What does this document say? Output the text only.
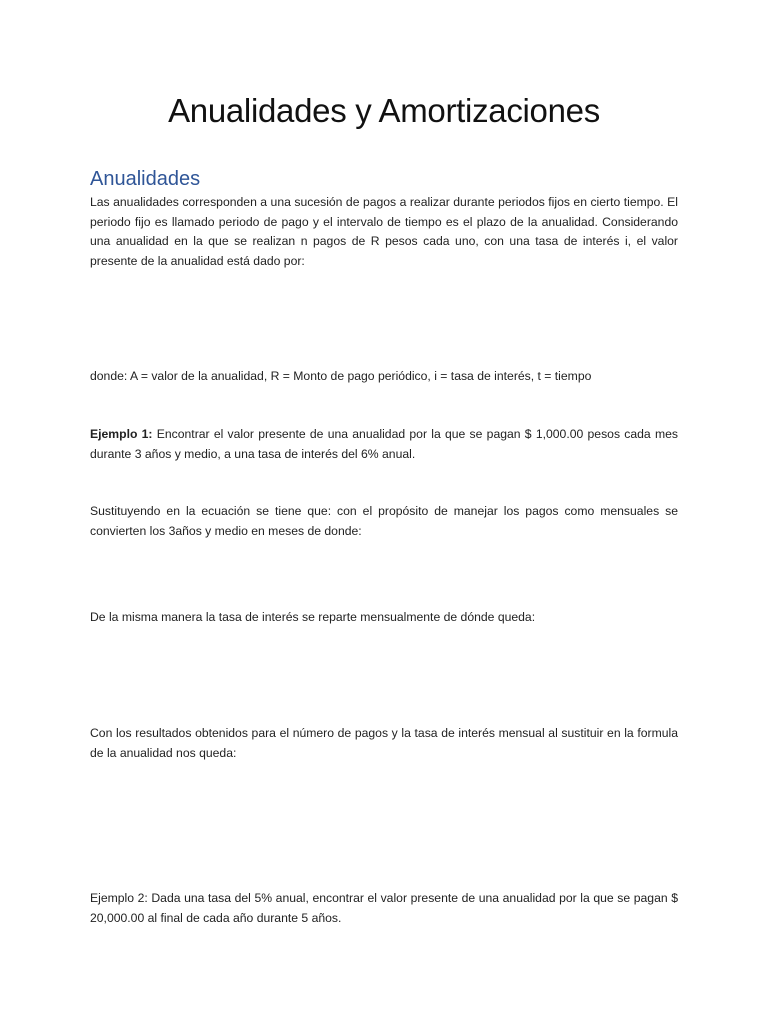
Anualidades y Amortizaciones
Anualidades

Las anualidades corresponden a una sucesión de pagos a realizar durante periodos fijos en cierto tiempo. El periodo fijo es llamado periodo de pago y el intervalo de tiempo es el plazo de la anualidad. Considerando una anualidad en la que se realizan n pagos de R pesos cada uno, con una tasa de interés i, el valor presente de la anualidad está dado por:

donde: A = valor de la anualidad, R = Monto de pago periódico, i = tasa de interés, t = tiempo

Ejemplo 1: Encontrar el valor presente de una anualidad por la que se pagan $ 1,000.00 pesos cada mes durante 3 años y medio, a una tasa de interés del 6% anual.

Sustituyendo en la ecuación se tiene que: con el propósito de manejar los pagos como mensuales se convierten los 3años y medio en meses de donde:

De la misma manera la tasa de interés se reparte mensualmente de dónde queda:

Con los resultados obtenidos para el número de pagos y la tasa de interés mensual al sustituir en la formula de la anualidad nos queda:

Ejemplo 2: Dada una tasa del 5% anual, encontrar el valor presente de una anualidad por la que se pagan $ 20,000.00 al final de cada año durante 5 años.
